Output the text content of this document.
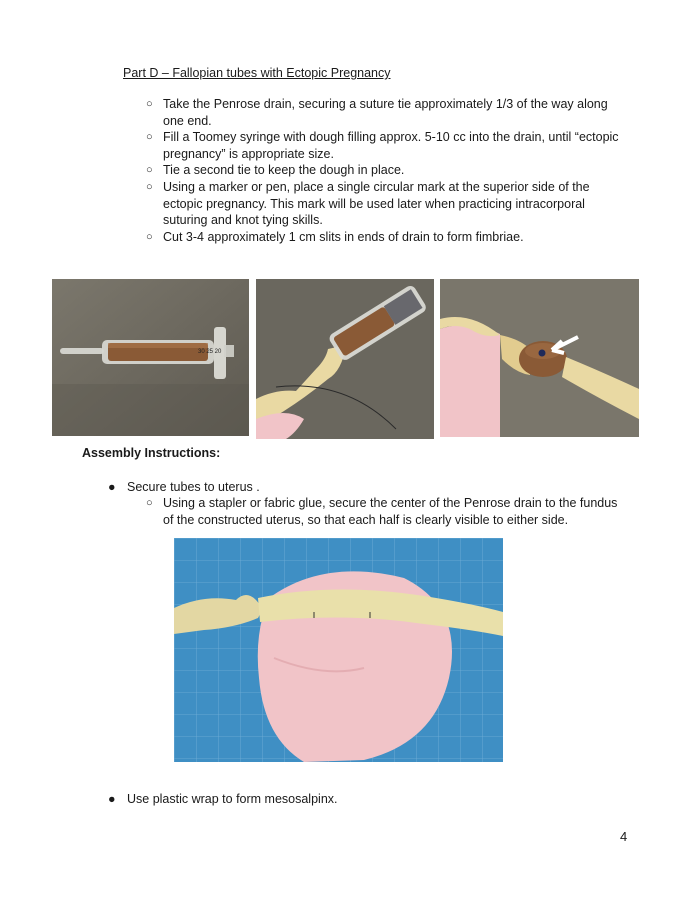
Part D – Fallopian tubes with Ectopic Pregnancy
○ Take the Penrose drain, securing a suture tie approximately 1/3 of the way along one end.
○ Fill a Toomey syringe with dough filling approx. 5-10 cc into the drain, until “ectopic pregnancy” is appropriate size.
○ Tie a second tie to keep the dough in place.
○ Using a marker or pen, place a single circular mark at the superior side of the ectopic pregnancy. This mark will be used later when practicing intracorporal suturing and knot tying skills.
○ Cut 3-4 approximately 1 cm slits in ends of drain to form fimbriae.
30 25 20
Assembly Instructions:
● Secure tubes to uterus .
○ Using a stapler or fabric glue, secure the center of the Penrose drain to the fundus of the constructed uterus, so that each half is clearly visible to either side.
● Use plastic wrap to form mesosalpinx.
4
